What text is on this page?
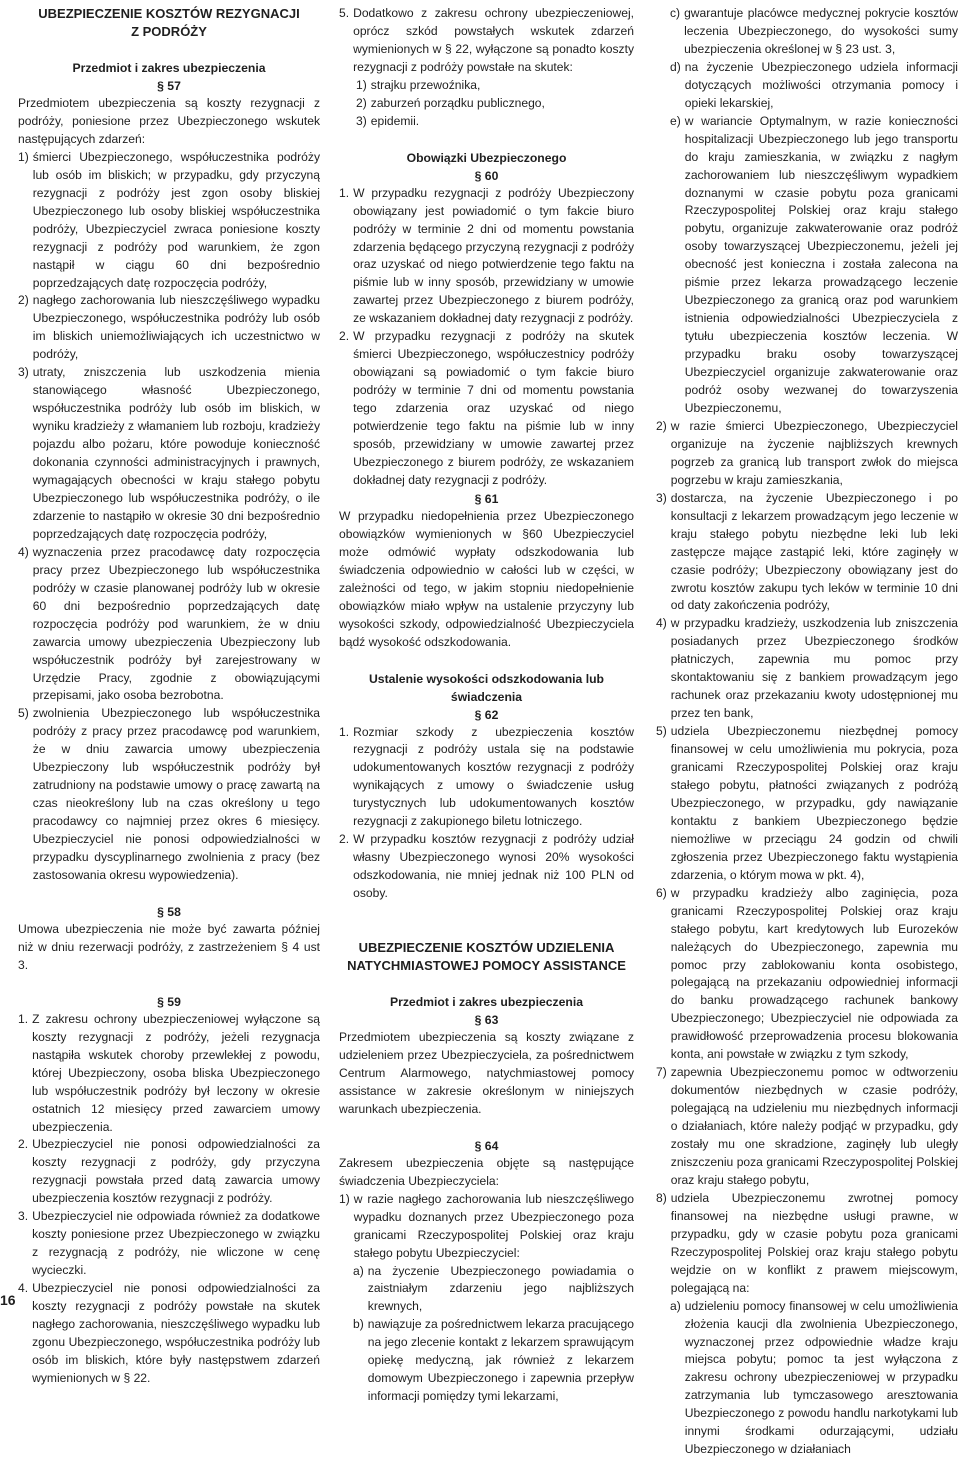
UBEZPIECZENIE KOSZTÓW REZYGNACJI

Z PODRÓŻY

Przedmiot i zakres ubezpieczenia

§ 57

Przedmiotem ubezpieczenia są koszty rezygnacji z podróży, poniesione przez Ubezpieczonego wskutek następujących zdarzeń:

1) śmierci Ubezpieczonego, współuczestnika podróży lub osób im bliskich; w przypadku, gdy przyczyną rezygnacji z podróży jest zgon osoby bliskiej Ubezpieczonego lub osoby bliskiej współuczestnika podróży, Ubezpieczyciel zwraca poniesione koszty rezygnacji z podróży pod warunkiem, że zgon nastąpił w ciągu 60 dni bezpośrednio poprzedzających datę rozpoczęcia podróży,
2) nagłego zachorowania lub nieszczęśliwego wypadku Ubezpieczonego, współuczestnika podróży lub osób im bliskich uniemożliwiających ich uczestnictwo w podróży,
3) utraty, zniszczenia lub uszkodzenia mienia stanowiącego własność Ubezpieczonego, współuczestnika podróży lub osób im bliskich, w wyniku kradzieży z włamaniem lub rozboju, kradzieży pojazdu albo pożaru, które powoduje konieczność dokonania czynności administracyjnych i prawnych, wymagających obecności w kraju stałego pobytu Ubezpieczonego lub współuczestnika podróży, o ile zdarzenie to nastąpiło w okresie 30 dni bezpośrednio poprzedzających datę rozpoczęcia podróży,
4) wyznaczenia przez pracodawcę daty rozpoczęcia pracy przez Ubezpieczonego lub współuczestnika podróży w czasie planowanej podróży lub w okresie 60 dni bezpośrednio poprzedzających datę rozpoczęcia podróży pod warunkiem, że w dniu zawarcia umowy ubezpieczenia Ubezpieczony lub współuczestnik podróży był zarejestrowany w Urzędzie Pracy, zgodnie z obowiązującymi przepisami, jako osoba bezrobotna.
5) zwolnienia Ubezpieczonego lub współuczestnika podróży z pracy przez pracodawcę pod warunkiem, że w dniu zawarcia umowy ubezpieczenia Ubezpieczony lub współuczestnik podróży był zatrudniony na podstawie umowy o pracę zawartą na czas nieokreślony lub na czas określony u tego pracodawcy co najmniej przez okres 6 miesięcy. Ubezpieczyciel nie ponosi odpowiedzialności w przypadku dyscyplinarnego zwolnienia z pracy (bez zastosowania okresu wypowiedzenia).

§ 58

Umowa ubezpieczenia nie może być zawarta później niż w dniu rezerwacji podróży, z zastrzeżeniem § 4 ust 3.

§ 59

1. Z zakresu ochrony ubezpieczeniowej wyłączone są koszty rezygnacji z podróży, jeżeli rezygnacja nastąpiła wskutek choroby przewlekłej z powodu, której Ubezpieczony, osoba bliska Ubezpieczonego lub współuczestnik podróży był leczony w okresie ostatnich 12 miesięcy przed zawarciem umowy ubezpieczenia.
2. Ubezpieczyciel nie ponosi odpowiedzialności za koszty rezygnacji z podróży, gdy przyczyna rezygnacji powstała przed datą zawarcia umowy ubezpieczenia kosztów rezygnacji z podróży.
3. Ubezpieczyciel nie odpowiada również za dodatkowe koszty poniesione przez Ubezpieczonego w związku z rezygnacją z podróży, nie wliczone w cenę wycieczki.
4. Ubezpieczyciel nie ponosi odpowiedzialności za koszty rezygnacji z podróży powstałe na skutek nagłego zachorowania, nieszczęśliwego wypadku lub zgonu Ubezpieczonego, współuczestnika podróży lub osób im bliskich, które były następstwem zdarzeń wymienionych w § 22.
5. Dodatkowo z zakresu ochrony ubezpieczeniowej, oprócz szkód powstałych wskutek zdarzeń wymienionych w § 22, wyłączone są ponadto koszty rezygnacji z podróży powstałe na skutek:
1) strajku przewoźnika,
2) zaburzeń porządku publicznego,
3) epidemii.

Obowiązki Ubezpieczonego

§ 60

1. W przypadku rezygnacji z podróży Ubezpieczony obowiązany jest powiadomić o tym fakcie biuro podróży w terminie 2 dni od momentu powstania zdarzenia będącego przyczyną rezygnacji z podróży oraz uzyskać od niego potwierdzenie tego faktu na piśmie lub w inny sposób, przewidziany w umowie zawartej przez Ubezpieczonego z biurem podróży, ze wskazaniem dokładnej daty rezygnacji z podróży.
2. W przypadku rezygnacji z podróży na skutek śmierci Ubezpieczonego, współuczestnicy podróży obowiązani są powiadomić o tym fakcie biuro podróży w terminie 7 dni od momentu powstania tego zdarzenia oraz uzyskać od niego potwierdzenie tego faktu na piśmie lub w inny sposób, przewidziany w umowie zawartej przez Ubezpieczonego z biurem podróży, ze wskazaniem dokładnej daty rezygnacji z podróży.

§ 61

W przypadku niedopełnienia przez Ubezpieczonego obowiązków wymienionych w §60 Ubezpieczyciel może odmówić wypłaty odszkodowania lub świadczenia odpowiednio w całości lub w części, w zależności od tego, w jakim stopniu niedopełnienie obowiązków miało wpływ na ustalenie przyczyny lub wysokości szkody, odpowiedzialność Ubezpieczyciela bądź wysokość odszkodowania.

Ustalenie wysokości odszkodowania lub świadczenia

§ 62

1. Rozmiar szkody z ubezpieczenia kosztów rezygnacji z podróży ustala się na podstawie udokumentowanych kosztów rezygnacji z podróży wynikających z umowy o świadczenie usług turystycznych lub udokumentowanych kosztów rezygnacji z zakupionego biletu lotniczego.
2. W przypadku kosztów rezygnacji z podróży udział własny Ubezpieczonego wynosi 20% wysokości odszkodowania, nie mniej jednak niż 100 PLN od osoby.

UBEZPIECZENIE KOSZTÓW UDZIELENIA

NATYCHMIASTOWEJ POMOCY ASSISTANCE

Przedmiot i zakres ubezpieczenia

§ 63

Przedmiotem ubezpieczenia są koszty związane z udzieleniem przez Ubezpieczyciela, za pośrednictwem Centrum Alarmowego, natychmiastowej pomocy assistance w zakresie określonym w niniejszych warunkach ubezpieczenia.

§ 64

Zakresem ubezpieczenia objęte są następujące świadczenia Ubezpieczyciela:

1) w razie nagłego zachorowania lub nieszczęśliwego wypadku doznanych przez Ubezpieczonego poza granicami Rzeczypospolitej Polskiej oraz kraju stałego pobytu Ubezpieczyciel:
a) na życzenie Ubezpieczonego powiadamia o zaistniałym zdarzeniu jego najbliższych krewnych,
b) nawiązuje za pośrednictwem lekarza pracującego na jego zlecenie kontakt z lekarzem sprawującym opiekę medyczną, jak również z lekarzem domowym Ubezpieczonego i zapewnia przepływ informacji pomiędzy tymi lekarzami,
c) gwarantuje placówce medycznej pokrycie kosztów leczenia Ubezpieczonego, do wysokości sumy ubezpieczenia określonej w § 23 ust. 3,
d) na życzenie Ubezpieczonego udziela informacji dotyczących możliwości otrzymania pomocy i opieki lekarskiej,
e) w wariancie Optymalnym, w razie konieczności hospitalizacji Ubezpieczonego lub jego transportu do kraju zamieszkania, w związku z nagłym zachorowaniem lub nieszczęśliwym wypadkiem doznanymi w czasie pobytu poza granicami Rzeczypospolitej Polskiej oraz kraju stałego pobytu, organizuje zakwaterowanie oraz podróż osoby towarzyszącej Ubezpieczonemu, jeżeli jej obecność jest konieczna i została zalecona na piśmie przez lekarza prowadzącego leczenie Ubezpieczonego za granicą oraz pod warunkiem istnienia odpowiedzialności Ubezpieczyciela z tytułu ubezpieczenia kosztów leczenia. W przypadku braku osoby towarzyszącej Ubezpieczyciel organizuje zakwaterowanie oraz podróż osoby wezwanej do towarzyszenia Ubezpieczonemu,
2) w razie śmierci Ubezpieczonego, Ubezpieczyciel organizuje na życzenie najbliższych krewnych pogrzeb za granicą lub transport zwłok do miejsca pogrzebu w kraju zamieszkania,
3) dostarcza, na życzenie Ubezpieczonego i po konsultacji z lekarzem prowadzącym jego leczenie w kraju stałego pobytu niezbędne leki lub leki zastępcze mające zastąpić leki, które zaginęły w czasie podróży; Ubezpieczony obowiązany jest do zwrotu kosztów zakupu tych leków w terminie 10 dni od daty zakończenia podróży,
4) w przypadku kradzieży, uszkodzenia lub zniszczenia posiadanych przez Ubezpieczonego środków płatniczych, zapewnia mu pomoc przy skontaktowaniu się z bankiem prowadzącym jego rachunek oraz przekazaniu kwoty udostępnionej mu przez ten bank,
5) udziela Ubezpieczonemu niezbędnej pomocy finansowej w celu umożliwienia mu pokrycia, poza granicami Rzeczypospolitej Polskiej oraz kraju stałego pobytu, płatności związanych z podróżą Ubezpieczonego, w przypadku, gdy nawiązanie kontaktu z bankiem Ubezpieczonego będzie niemożliwe w przeciągu 24 godzin od chwili zgłoszenia przez Ubezpieczonego faktu wystąpienia zdarzenia, o którym mowa w pkt. 4),
6) w przypadku kradzieży albo zaginięcia, poza granicami Rzeczypospolitej Polskiej oraz kraju stałego pobytu, kart kredytowych lub Eurozeków należących do Ubezpieczonego, zapewnia mu pomoc przy zablokowaniu konta osobistego, polegającą na przekazaniu odpowiedniej informacji do banku prowadzącego rachunek bankowy Ubezpieczonego; Ubezpieczyciel nie odpowiada za prawidłowość przeprowadzenia procesu blokowania konta, ani powstałe w związku z tym szkody,
7) zapewnia Ubezpieczonemu pomoc w odtworzeniu dokumentów niezbędnych w czasie podróży, polegającą na udzieleniu mu niezbędnych informacji o działaniach, które należy podjąć w przypadku, gdy zostały mu one skradzione, zaginęły lub uległy zniszczeniu poza granicami Rzeczypospolitej Polskiej oraz kraju stałego pobytu,
8) udziela Ubezpieczonemu zwrotnej pomocy finansowej na niezbędne usługi prawne, w przypadku, gdy w czasie pobytu poza granicami Rzeczypospolitej Polskiej oraz kraju stałego pobytu wejdzie on w konflikt z prawem miejscowym, polegającą na:
a) udzieleniu pomocy finansowej w celu umożliwienia złożenia kaucji dla zwolnienia Ubezpieczonego, wyznaczonej przez odpowiednie władze kraju miejsca pobytu; pomoc ta jest wyłączona z zakresu ochrony ubezpieczeniowej w przypadku zatrzymania lub tymczasowego aresztowania Ubezpieczonego z powodu handlu narkotykami lub innymi środkami odurzającymi, udziału Ubezpieczonego w działaniach
16
